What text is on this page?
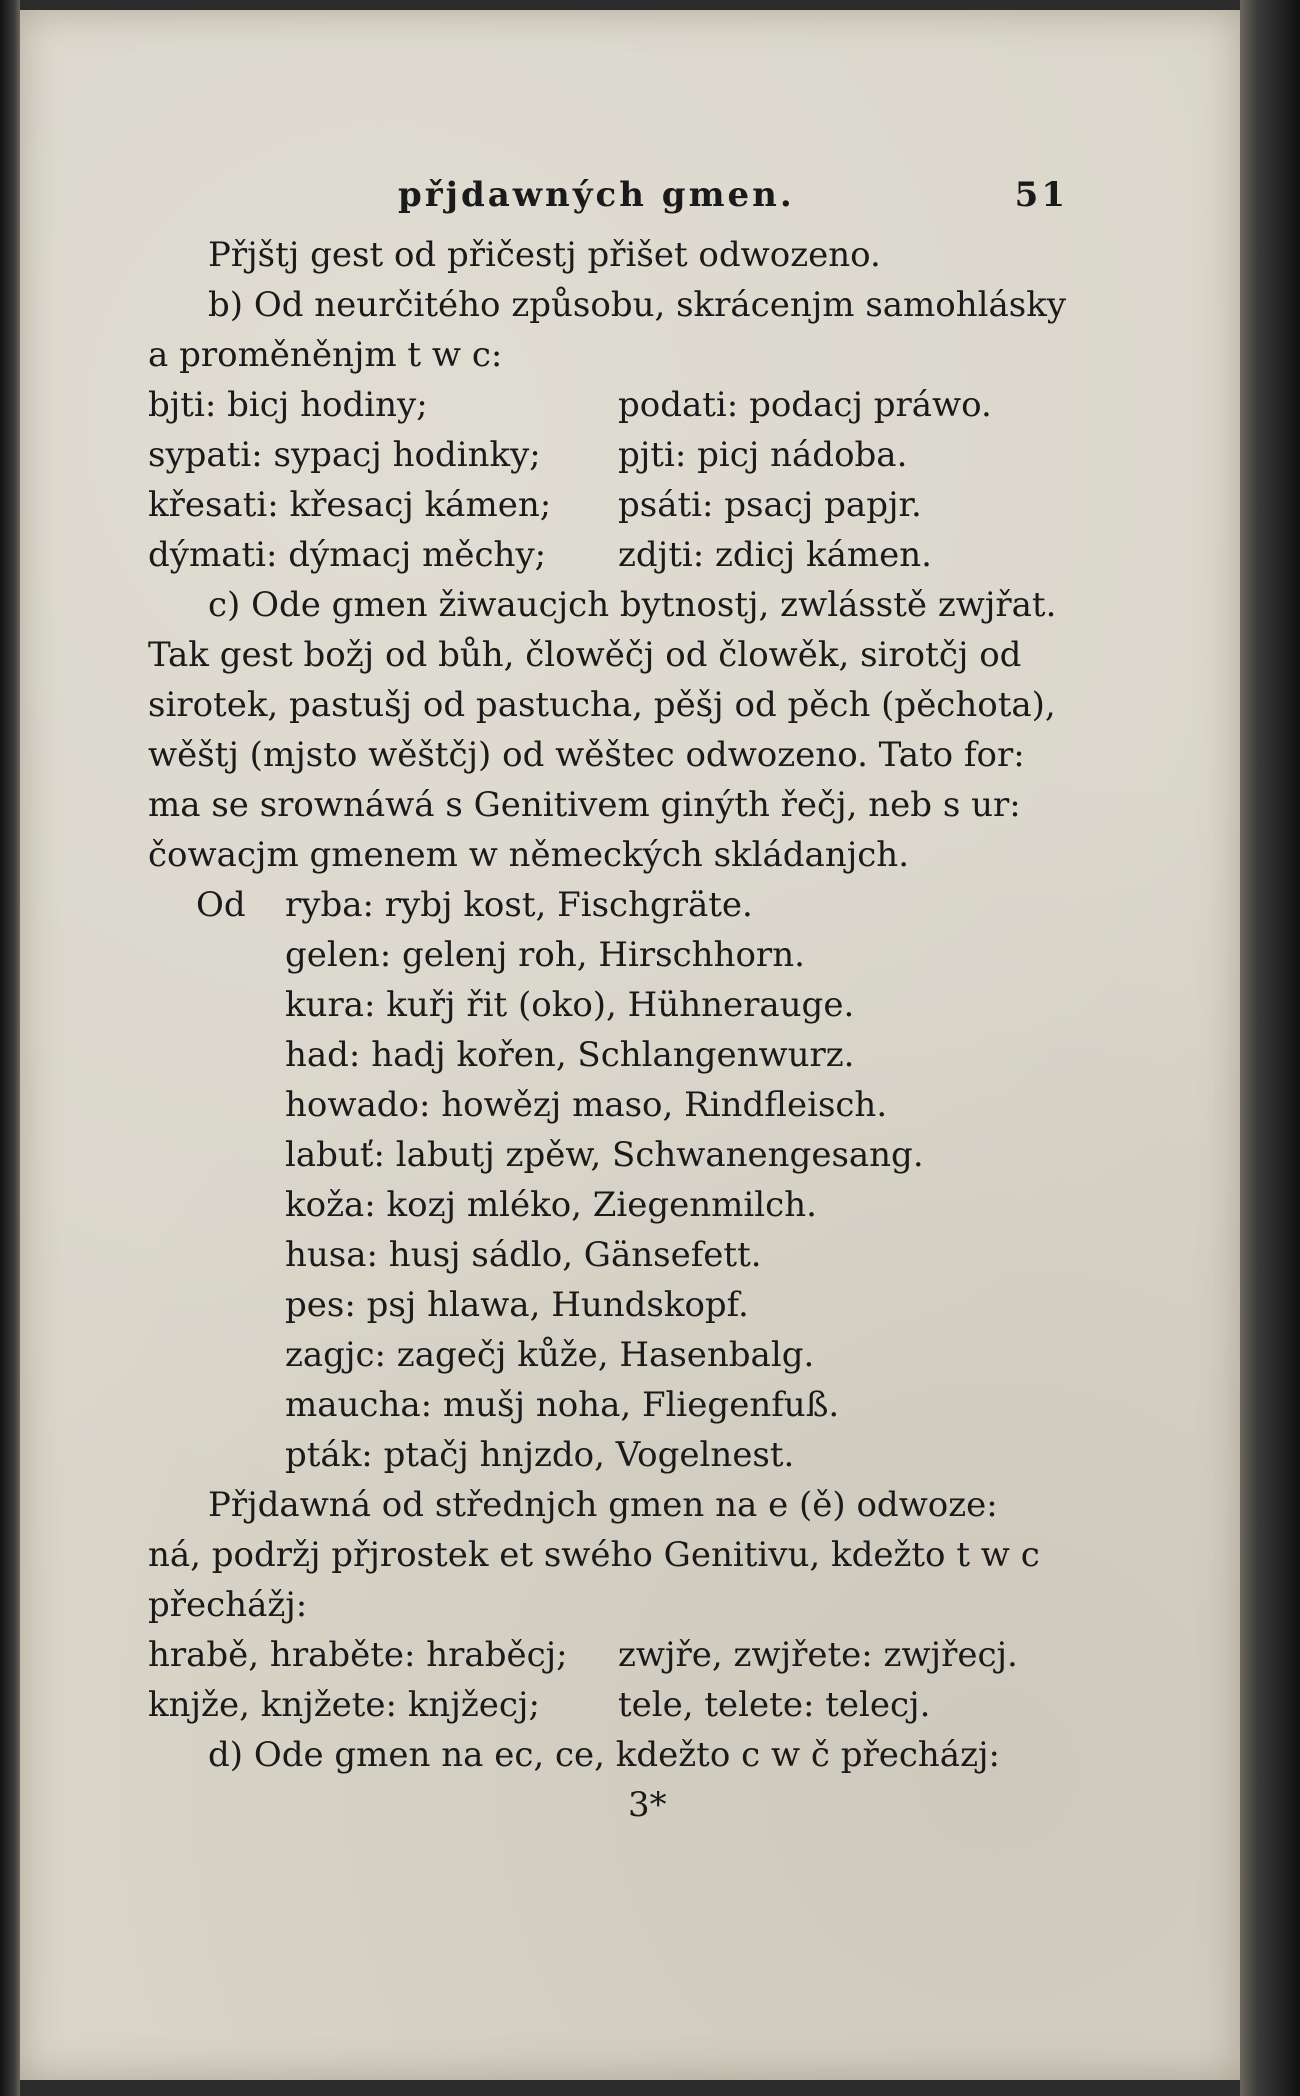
přjdawných gmen.	51
Přjštj gest od přičestj přišet odwozeno.
b) Od neurčitého způsobu, skrácenjm samohlásky
a proměněnjm t w c:
bjti: bicj hodiny;	podati: podacj práwo.
sypati: sypacj hodinky;	pjti: picj nádoba.
křesati: křesacj kámen;	psáti: psacj papjr.
dýmati: dýmacj měchy;	zdjti: zdicj kámen.
c) Ode gmen žiwaucjch bytnostj, zwlásstě zwjřat.
Tak gest božj od bůh, člowěčj od člowěk, sirotčj od
sirotek, pastušj od pastucha, pěšj od pěch (pěchota),
wěštj (mjsto wěštčj) od wěštec odwozeno. Tato for:
ma se srownáwá s Genitivem ginýth řečj, neb s ur:
čowacjm gmenem w německých skládanjch.
Od ryba: rybj kost, Fischgräte.
gelen: gelenj roh, Hirschhorn.
kura: kuřj řit (oko), Hühnerauge.
had: hadj kořen, Schlangenwurz.
howado: howězj maso, Rindfleisch.
labuť: labutj zpěw, Schwanengesang.
koža: kozj mléko, Ziegenmilch.
husa: husj sádlo, Gänsefett.
pes: psj hlawa, Hundskopf.
zagjc: zagečj kůže, Hasenbalg.
maucha: mušj noha, Fliegenfuß.
pták: ptačj hnjzdo, Vogelnest.
Přjdawná od střednjch gmen na e (ě) odwoze:
ná, podržj přjrostek et swého Genitivu, kdežto t w c
přechážj:
hrabě, hraběte: hraběcj;	zwjře, zwjřete: zwjřecj.
knjže, knjžete: knjžecj;	tele, telete: telecj.
d) Ode gmen na ec, ce, kdežto c w č přecházj:
3*
